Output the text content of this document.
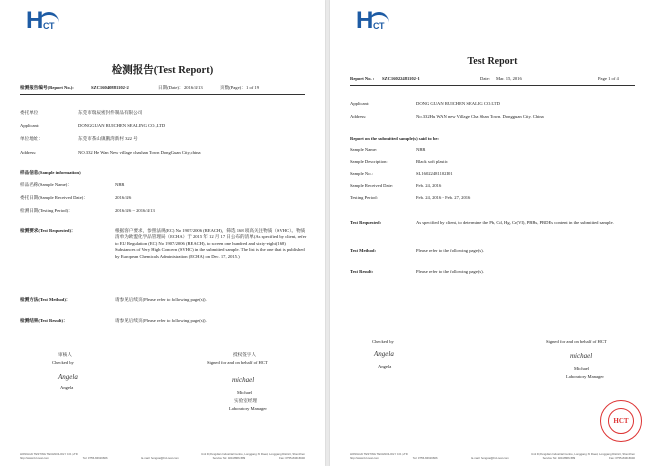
H CT
检测报告(Test Report)
检测报告编号(Report No.):	SZC16040881102-2	日期(Date)： 2016/4/13	页数(Page)： 1 of 19
委托单位	东莞市瑞辰密封件制品有限公司
Applicant:	DONGGUAN RUICHEN SEALING CO.,LTD
单位地址：	东莞市茶山镇鹅湾新村 322 号
Address:	NO.332 He Wan New village chashan Town DongGuan City,china
样品信息(Sample information)
样品名称(Sample Name)：	NBR
委托日期(Sample Received Date)：	2016/4/6
检测日期(Testing Period)：	2016/4/6 ~ 2016/4/13
检测要求(Test Requested)：	根据客户要求，参照法规(EC) No 1907/2006 (REACH)，筛选 168 项高关注物质（SVHC）。物质清单为欧盟化学品管理局（ECHA）于 2015 年 12 月 17 日公布的清单(As specified by client, refer to EU Regulation (EC) No 1907/2006 (REACH), to screen one hundred and sixty-eight(168) Substances of Very High Concern (SVHC) in the submitted sample. The list is the one that is published by European Chemicals Administration (ECHA) on Dec. 17, 2015.)
检测方法(Test Method)：	请参见后续页(Please refer to following page(s)).
检测结果(Test Result)：	请参见后续页(Please refer to following page(s)).
审核人
Checked by
Angela
Angela
授权签字人
Signed for and on behalf of HCT
michael
Michael
实验室经理
Laboratory Manager
HONGCAI TESTING TECHNOLOGY CO.,LTD	Unit D,Pengdian Industrial Centre, Longgang Xi Road, Longgang District, Shenzhen
http://www.hct-test.com	Tel: 0755-84616666	E-mail: hongcai@hct-test.com	Service Tel: 400-8866-589	Fax: 0755-84616646
H CT
Test Report
Report No. : SZC16022481102-1	Date: Mar. 15, 2016	Page 1 of 4
Applicant:	DONG GUAN RUICHEN SEALIG CO.LTD
Address:	No.332Hu WAN new Village Cha Shan Town. Dongguan City. China
Report on the submitted sample(s) said to be:
Sample Name:	NBR
Sample Description:	Black soft plastic
Sample No.:	SL16022481102I01
Sample Received Date:	Feb. 24, 2016
Testing Period:	Feb. 24, 2016 - Feb. 27, 2016
Test Requested:	As specified by client, to determine the Pb, Cd, Hg, Cr(VI), PBBs, PBDEs content in the submitted sample.
Test Method:	Please refer to the following page(s).
Test Result:	Please refer to the following page(s).
Checked by
Angela
Angela
Signed for and on behalf of HCT
michael
Michael
Laboratory Manager
HCT
HONGCAI TESTING TECHNOLOGY CO.,LTD	Unit D,Pengdian Industrial Centre, Longgang Xi Road, Longgang District, Shenzhen
http://www.hct-test.com	Tel: 0755-84616666	E-mail: hongcai@hct-test.com	Service Tel: 400-8866-589	Fax: 0755-84616646
